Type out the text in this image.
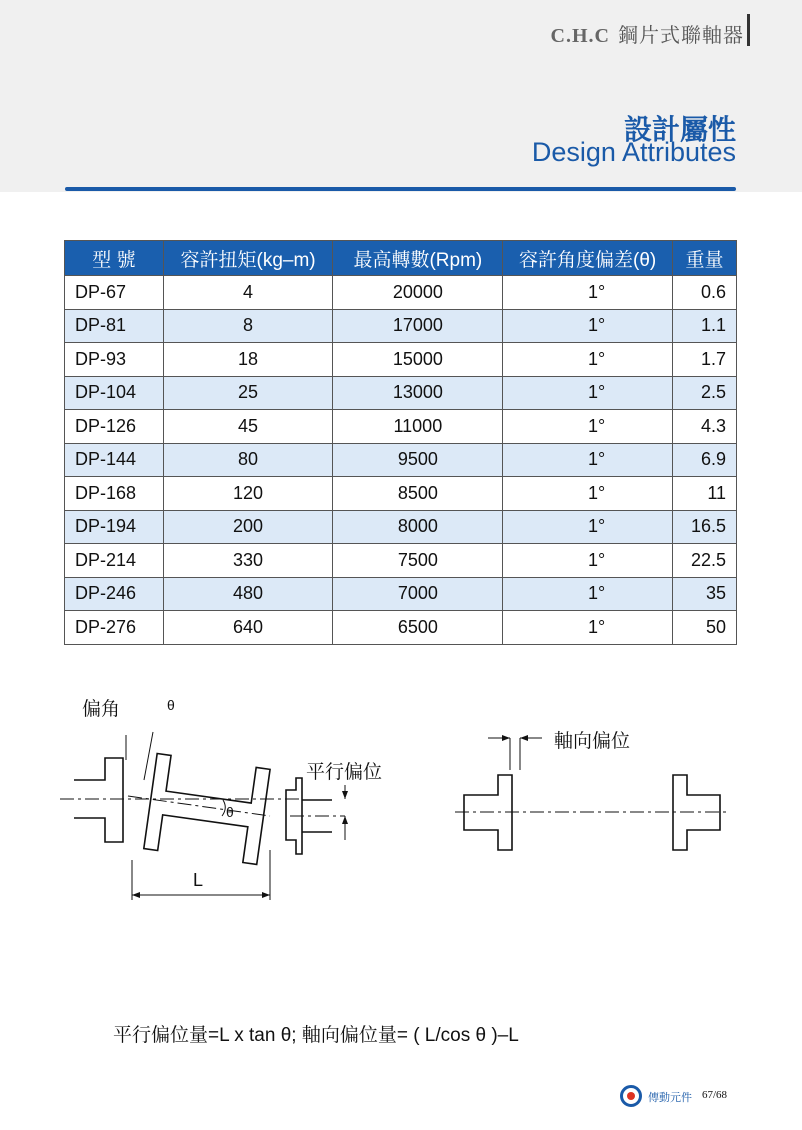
C.H.C 鋼片式聯軸器
設計屬性
Design Attributes
型 號	容許扭矩(kg–m)	最高轉數(Rpm)	容許角度偏差(θ)	重量
DP-67	4	20000	1°	0.6
DP-81	8	17000	1°	1.1
DP-93	18	15000	1°	1.7
DP-104	25	13000	1°	2.5
DP-126	45	11000	1°	4.3
DP-144	80	9500	1°	6.9
DP-168	120	8500	1°	11
DP-194	200	8000	1°	16.5
DP-214	330	7500	1°	22.5
DP-246	480	7000	1°	35
DP-276	640	6500	1°	50
偏角	θ
θ
平行偏位
L
軸向偏位
平行偏位量=L x tan θ; 軸向偏位量= ( L/cos θ )–L
傳動元件 67/68
